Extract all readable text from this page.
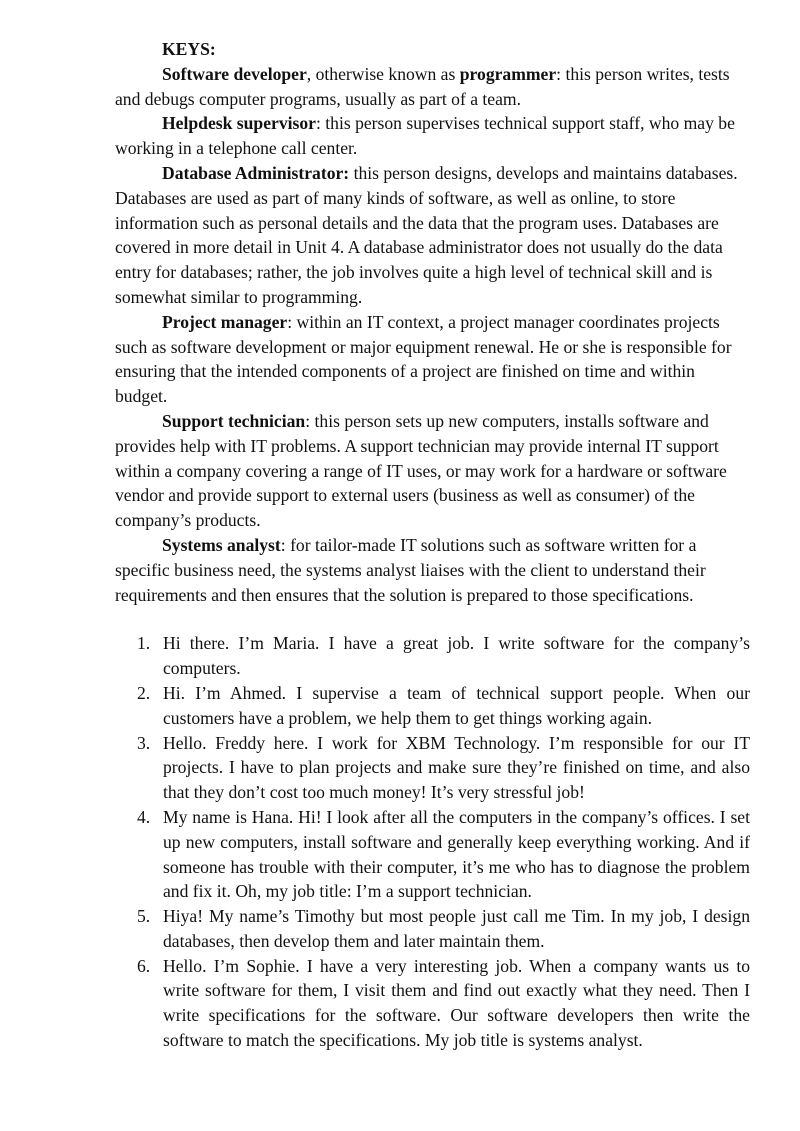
KEYS:

Software developer, otherwise known as programmer: this person writes, tests and debugs computer programs, usually as part of a team.

Helpdesk supervisor: this person supervises technical support staff, who may be working in a telephone call center.

Database Administrator: this person designs, develops and maintains databases. Databases are used as part of many kinds of software, as well as online, to store information such as personal details and the data that the program uses. Databases are covered in more detail in Unit 4. A database administrator does not usually do the data entry for databases; rather, the job involves quite a high level of technical skill and is somewhat similar to programming.

Project manager: within an IT context, a project manager coordinates projects such as software development or major equipment renewal. He or she is responsible for ensuring that the intended components of a project are finished on time and within budget.

Support technician: this person sets up new computers, installs software and provides help with IT problems. A support technician may provide internal IT support within a company covering a range of IT uses, or may work for a hardware or software vendor and provide support to external users (business as well as consumer) of the company’s products.

Systems analyst: for tailor-made IT solutions such as software written for a specific business need, the systems analyst liaises with the client to understand their requirements and then ensures that the solution is prepared to those specifications.

1. Hi there. I’m Maria. I have a great job. I write software for the company’s computers.
2. Hi. I’m Ahmed. I supervise a team of technical support people. When our customers have a problem, we help them to get things working again.
3. Hello. Freddy here. I work for XBM Technology. I’m responsible for our IT projects. I have to plan projects and make sure they’re finished on time, and also that they don’t cost too much money! It’s very stressful job!
4. My name is Hana. Hi! I look after all the computers in the company’s offices. I set up new computers, install software and generally keep everything working. And if someone has trouble with their computer, it’s me who has to diagnose the problem and fix it. Oh, my job title: I’m a support technician.
5. Hiya! My name’s Timothy but most people just call me Tim. In my job, I design databases, then develop them and later maintain them.
6. Hello. I’m Sophie. I have a very interesting job. When a company wants us to write software for them, I visit them and find out exactly what they need. Then I write specifications for the software. Our software developers then write the software to match the specifications. My job title is systems analyst.
